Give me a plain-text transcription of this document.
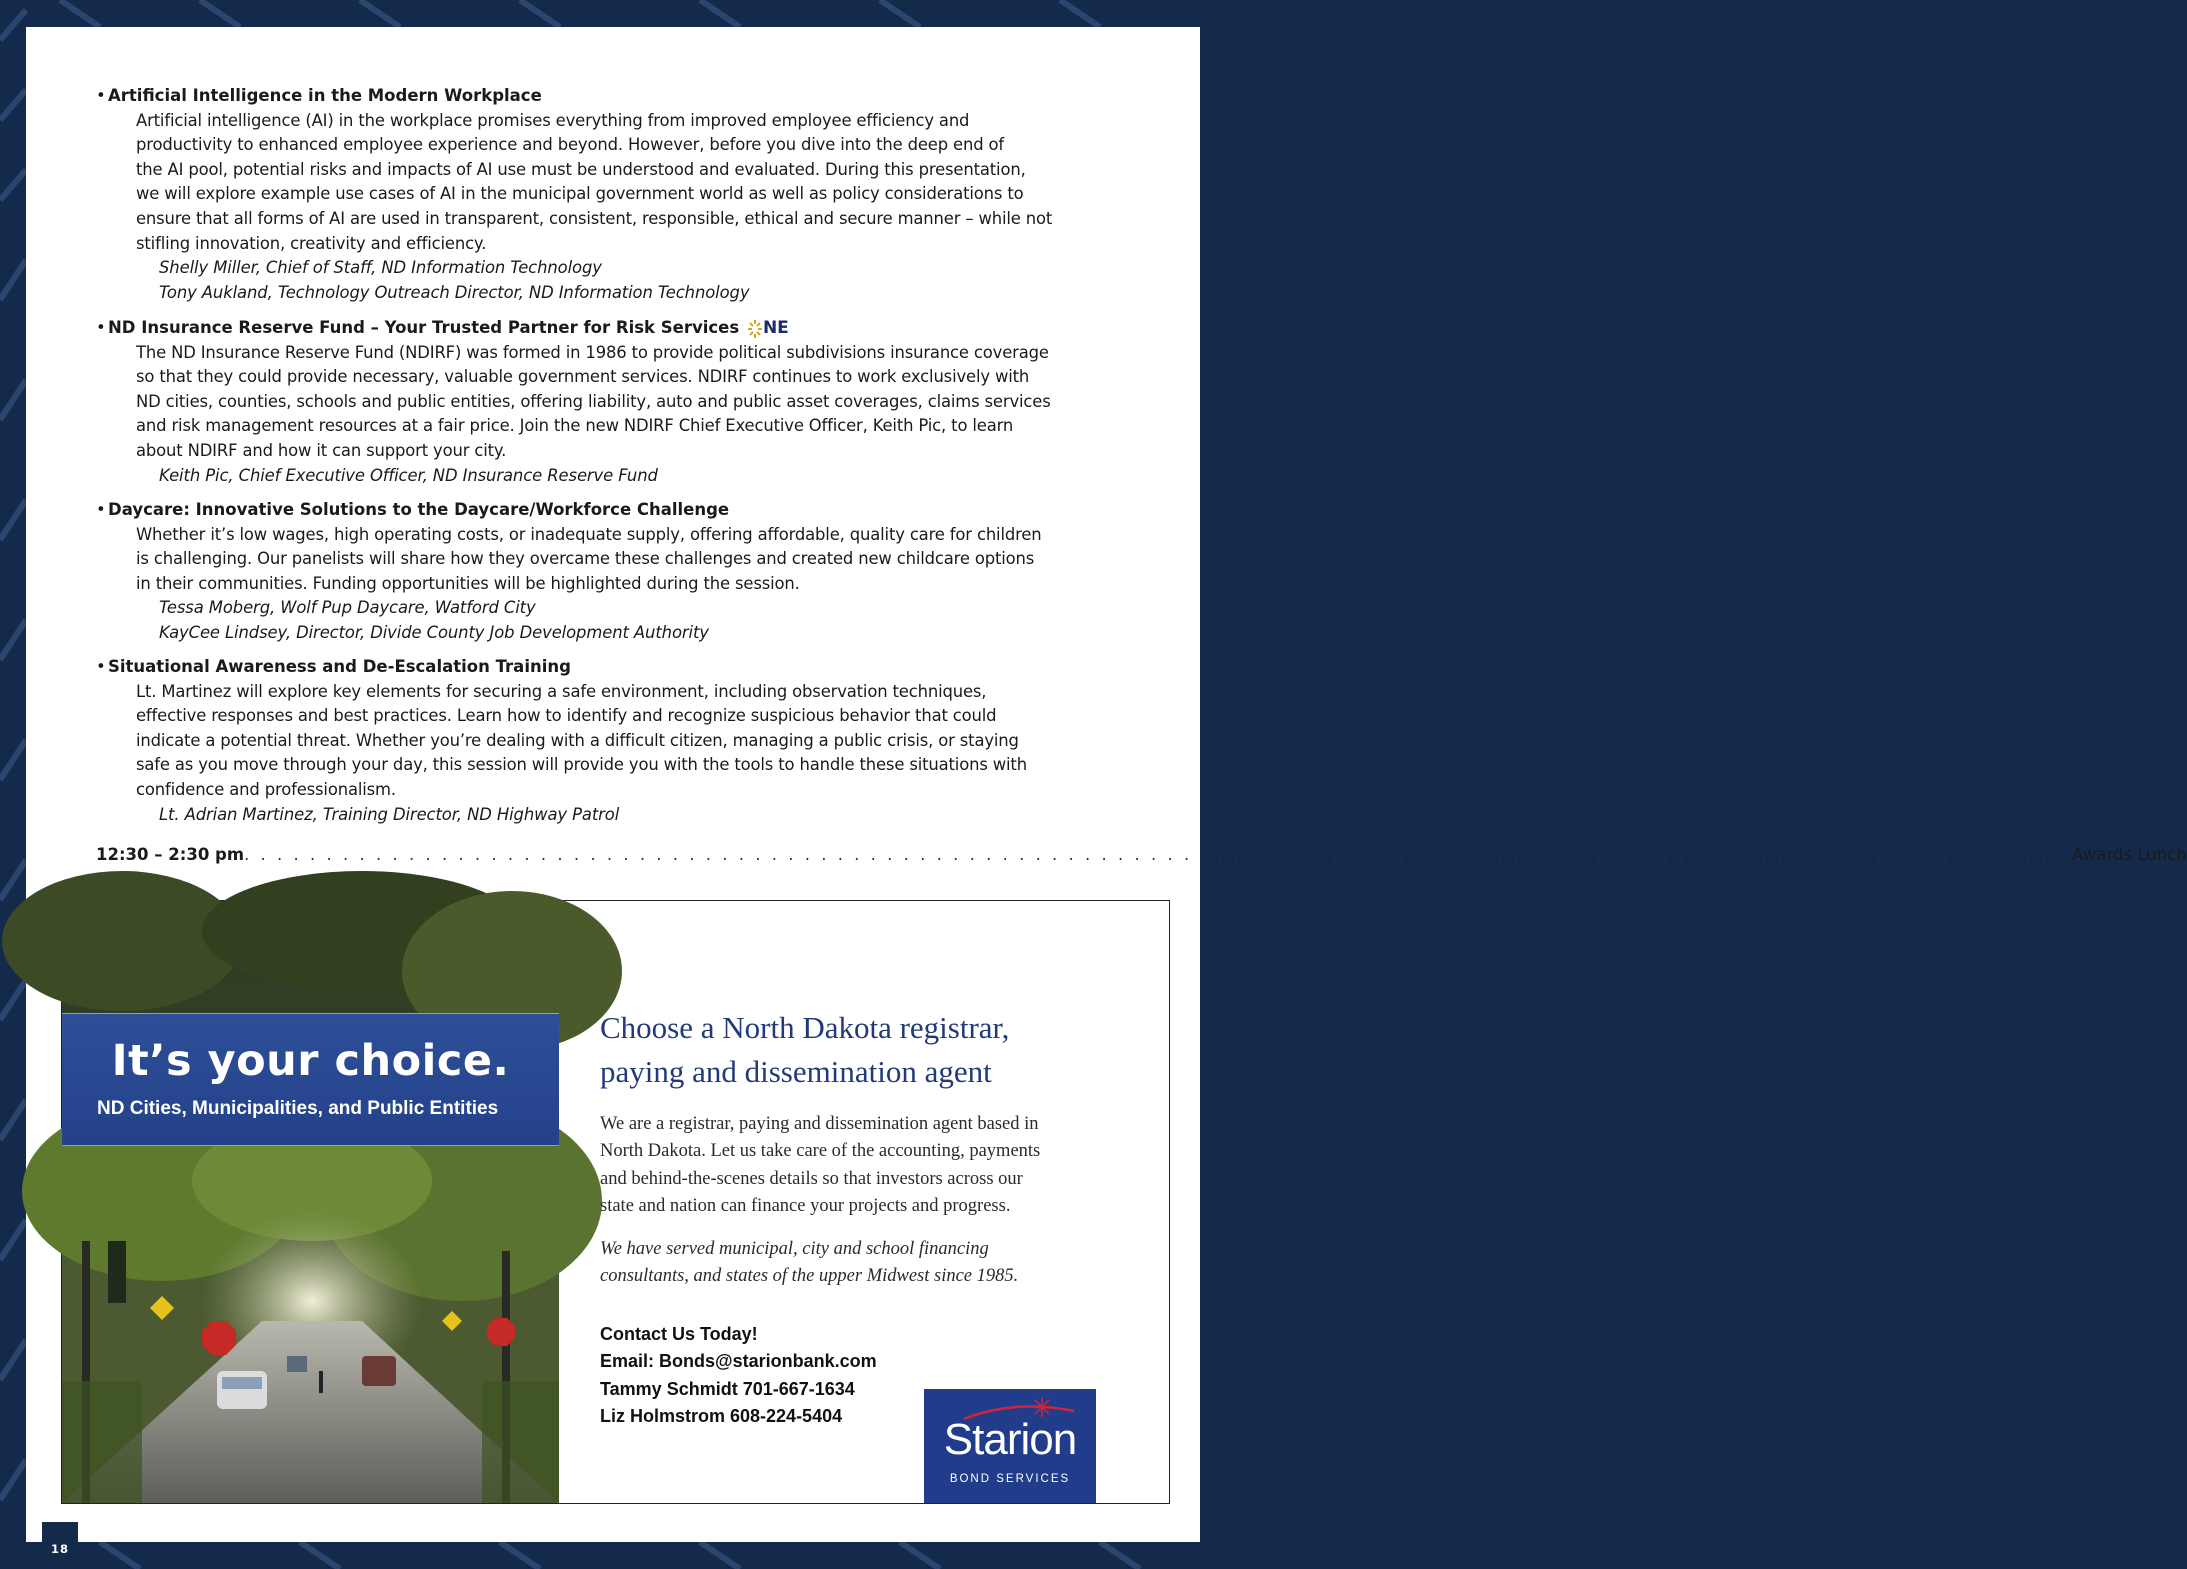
• Artificial Intelligence in the Modern Workplace
Artificial intelligence (AI) in the workplace promises everything from improved employee efficiency and
productivity to enhanced employee experience and beyond. However, before you dive into the deep end of
the AI pool, potential risks and impacts of AI use must be understood and evaluated. During this presentation,
we will explore example use cases of AI in the municipal government world as well as policy considerations to
ensure that all forms of AI are used in transparent, consistent, responsible, ethical and secure manner – while not
stifling innovation, creativity and efficiency.
Shelly Miller, Chief of Staff, ND Information Technology
Tony Aukland, Technology Outreach Director, ND Information Technology
• ND Insurance Reserve Fund – Your Trusted Partner for Risk Services NE
The ND Insurance Reserve Fund (NDIRF) was formed in 1986 to provide political subdivisions insurance coverage
so that they could provide necessary, valuable government services. NDIRF continues to work exclusively with
ND cities, counties, schools and public entities, offering liability, auto and public asset coverages, claims services
and risk management resources at a fair price. Join the new NDIRF Chief Executive Officer, Keith Pic, to learn
about NDIRF and how it can support your city.
Keith Pic, Chief Executive Officer, ND Insurance Reserve Fund
• Daycare: Innovative Solutions to the Daycare/Workforce Challenge
Whether it’s low wages, high operating costs, or inadequate supply, offering affordable, quality care for children
is challenging. Our panelists will share how they overcame these challenges and created new childcare options
in their communities. Funding opportunities will be highlighted during the session.
Tessa Moberg, Wolf Pup Daycare, Watford City
KayCee Lindsey, Director, Divide County Job Development Authority
• Situational Awareness and De-Escalation Training
Lt. Martinez will explore key elements for securing a safe environment, including observation techniques,
effective responses and best practices. Learn how to identify and recognize suspicious behavior that could
indicate a potential threat. Whether you’re dealing with a difficult citizen, managing a public crisis, or staying
safe as you move through your day, this session will provide you with the tools to handle these situations with
confidence and professionalism.
Lt. Adrian Martinez, Training Director, ND Highway Patrol
12:30 – 2:30 pm . . . . . . . . . . . . . . . . . . . . . . . . . . . . . . . . . . . . . . . . . . . . . . . . . . . . . . . . . . . . . . . . . . . . . . . . . . . . . . . . . . . . . . . . . . . . . . . . . . . . . . . . . . . . . . . Awards Lunch
It’s your choice.
ND Cities, Municipalities, and Public Entities
Choose a North Dakota registrar,
paying and dissemination agent
We are a registrar, paying and dissemination agent based in
North Dakota. Let us take care of the accounting, payments
and behind-the-scenes details so that investors across our
state and nation can finance your projects and progress.
We have served municipal, city and school financing
consultants, and states of the upper Midwest since 1985.
Contact Us Today!
Email: Bonds@starionbank.com
Tammy Schmidt 701-667-1634
Liz Holmstrom 608-224-5404	Starion
BOND SERVICES
18
